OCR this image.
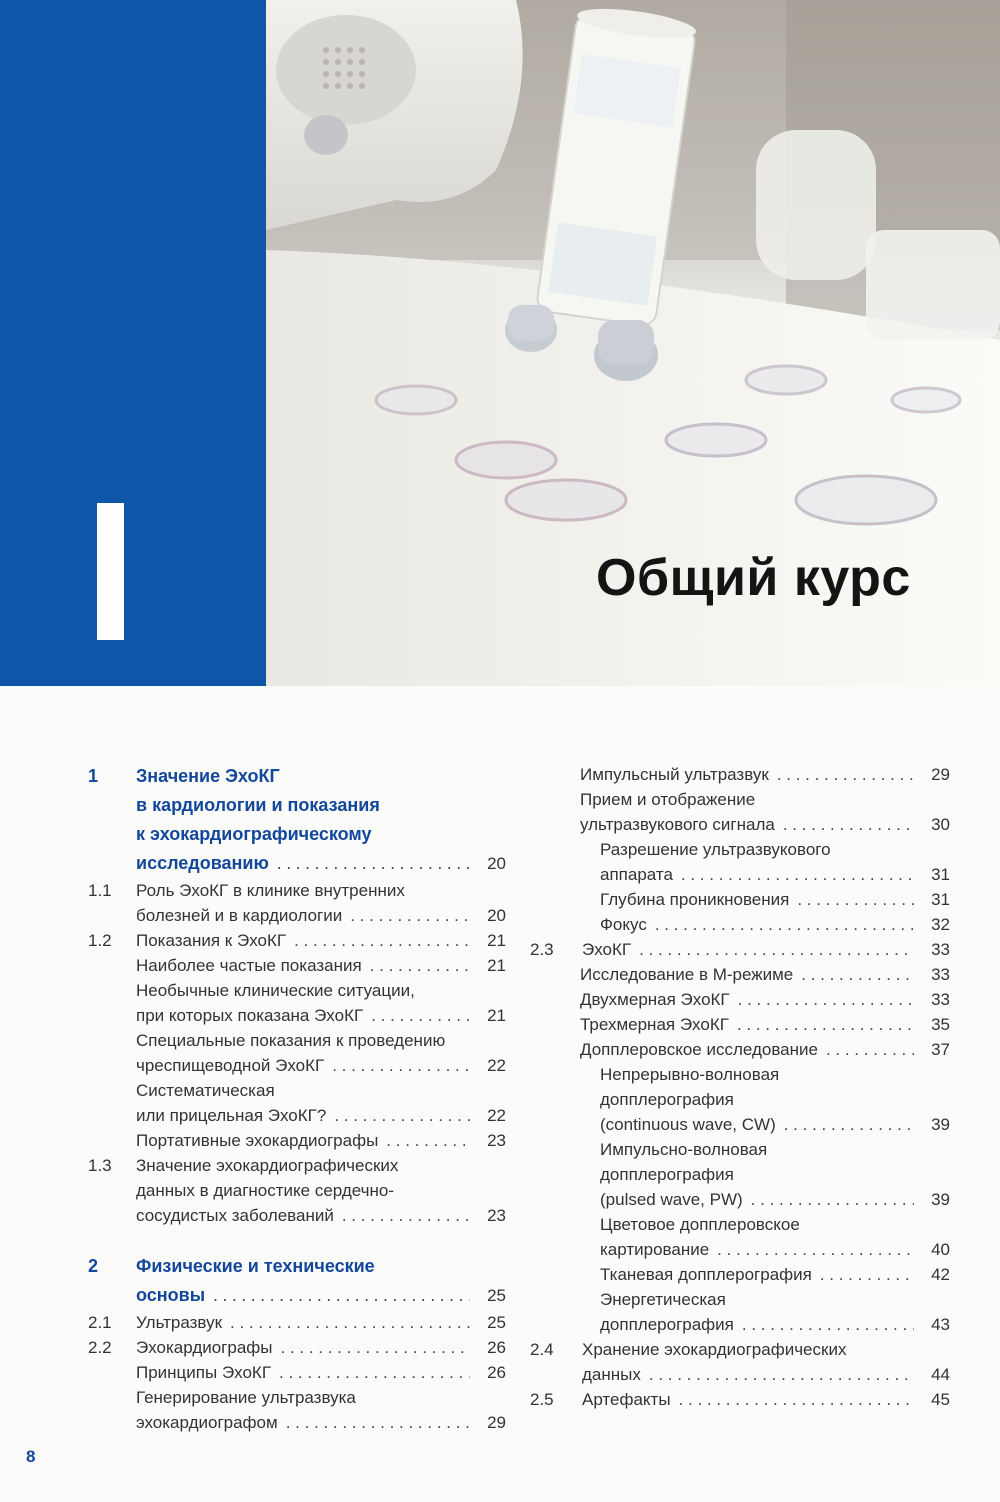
Общий курс
1 Значение ЭхоКГ
в кардиологии и показания
к эхокардиографическому
исследованию . . .	20
1.1 Роль ЭхоКГ в клинике внутренних
болезней и в кардиологии . . .	20
1.2 Показания к ЭхоКГ . . .	21
Наиболее частые показания . . .	21
Необычные клинические ситуации,
при которых показана ЭхоКГ . . .	21
Специальные показания к проведению
чреспищеводной ЭхоКГ . . .	22
Систематическая
или прицельная ЭхоКГ? . . .	22
Портативные эхокардиографы . . .	23
1.3 Значение эхокардиографических
данных в диагностике сердечно-
сосудистых заболеваний . . .	23
2 Физические и технические
основы . . .	25
2.1 Ультразвук . . .	25
2.2 Эхокардиографы . . .	26
Принципы ЭхоКГ . . .	26
Генерирование ультразвука
эхокардиографом . . .	29
Импульсный ультразвук . . .	29
Прием и отображение
ультразвукового сигнала . . .	30
Разрешение ультразвукового
аппарата . . .	31
Глубина проникновения . . .	31
Фокус . . .	32
2.3 ЭхоКГ . . .	33
Исследование в М-режиме . . .	33
Двухмерная ЭхоКГ . . .	33
Трехмерная ЭхоКГ . . .	35
Допплеровское исследование . . .	37
Непрерывно-волновая
допплерография
(continuous wave, CW) . . .	39
Импульсно-волновая
допплерография
(pulsed wave, PW) . . .	39
Цветовое допплеровское
картирование . . .	40
Тканевая допплерография . . .	42
Энергетическая
допплерография . . .	43
2.4 Хранение эхокардиографических
данных . . .	44
2.5 Артефакты . . .	45

8
